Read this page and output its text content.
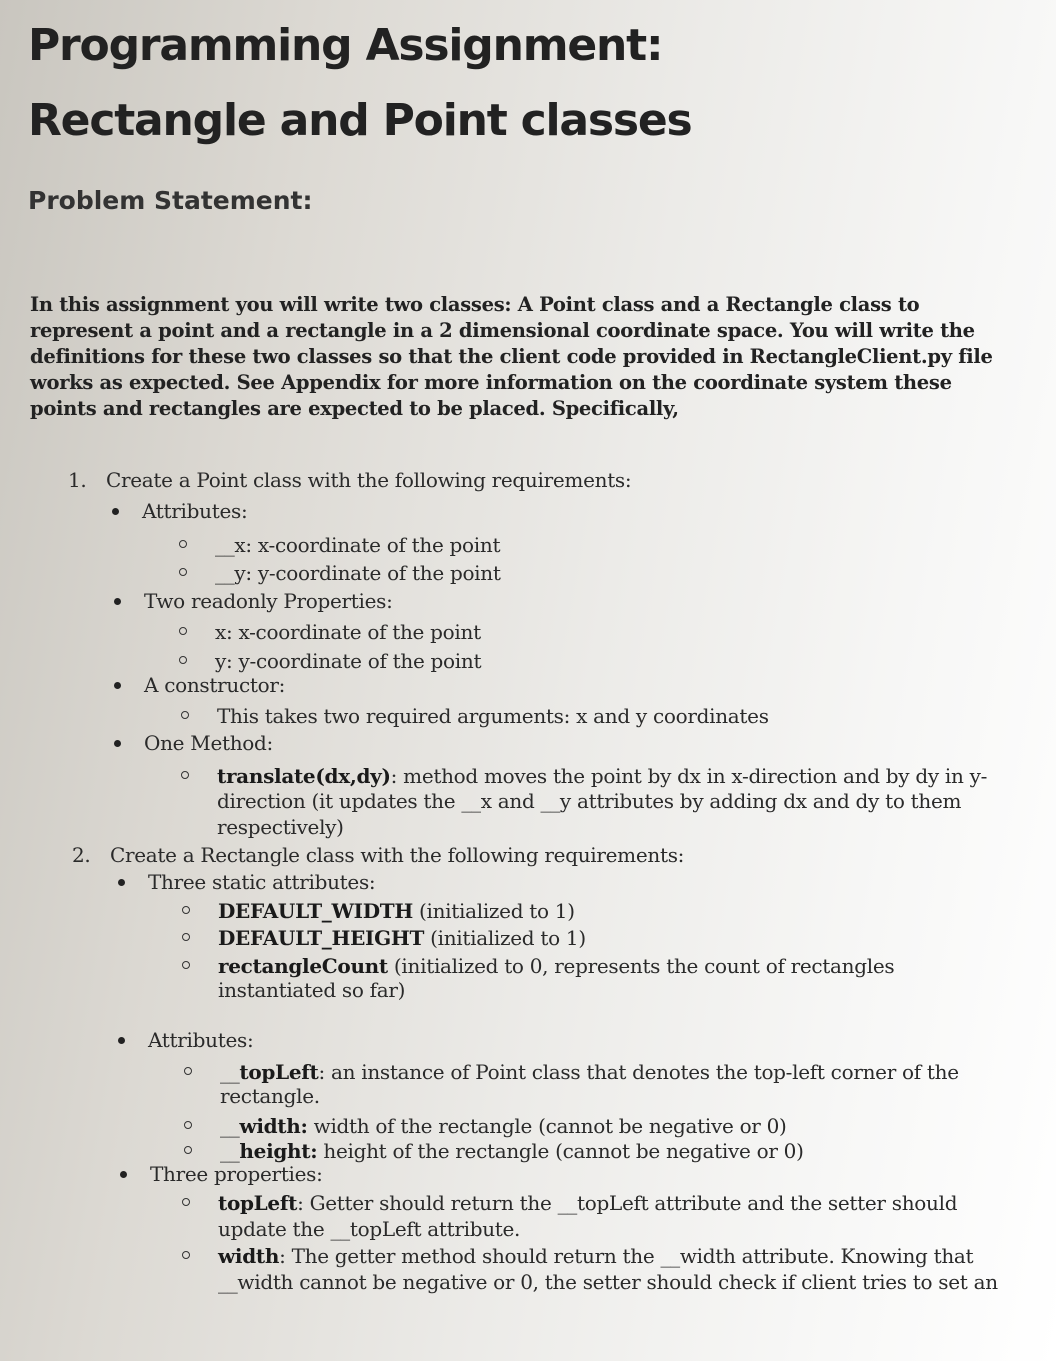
Programming Assignment:
Rectangle and Point classes
Problem Statement:

In this assignment you will write two classes: A Point class and a Rectangle class to represent a point and a rectangle in a 2 dimensional coordinate space. You will write the definitions for these two classes so that the client code provided in RectangleClient.py file works as expected. See Appendix for more information on the coordinate system these points and rectangles are expected to be placed. Specifically,

1. Create a Point class with the following requirements:
Attributes:
__x: x-coordinate of the point
__y: y-coordinate of the point
Two readonly Properties:
x: x-coordinate of the point
y: y-coordinate of the point
A constructor:
This takes two required arguments: x and y coordinates
One Method:
translate(dx,dy): method moves the point by dx in x-direction and by dy in y-
direction (it updates the __x and __y attributes by adding dx and dy to them
respectively)
2. Create a Rectangle class with the following requirements:
Three static attributes:
DEFAULT_WIDTH (initialized to 1)
DEFAULT_HEIGHT (initialized to 1)
rectangleCount (initialized to 0, represents the count of rectangles
instantiated so far)
Attributes:
__topLeft: an instance of Point class that denotes the top-left corner of the
rectangle.
__width: width of the rectangle (cannot be negative or 0)
__height: height of the rectangle (cannot be negative or 0)
Three properties:
topLeft: Getter should return the __topLeft attribute and the setter should
update the __topLeft attribute.
width: The getter method should return the __width attribute. Knowing that
__width cannot be negative or 0, the setter should check if client tries to set an
